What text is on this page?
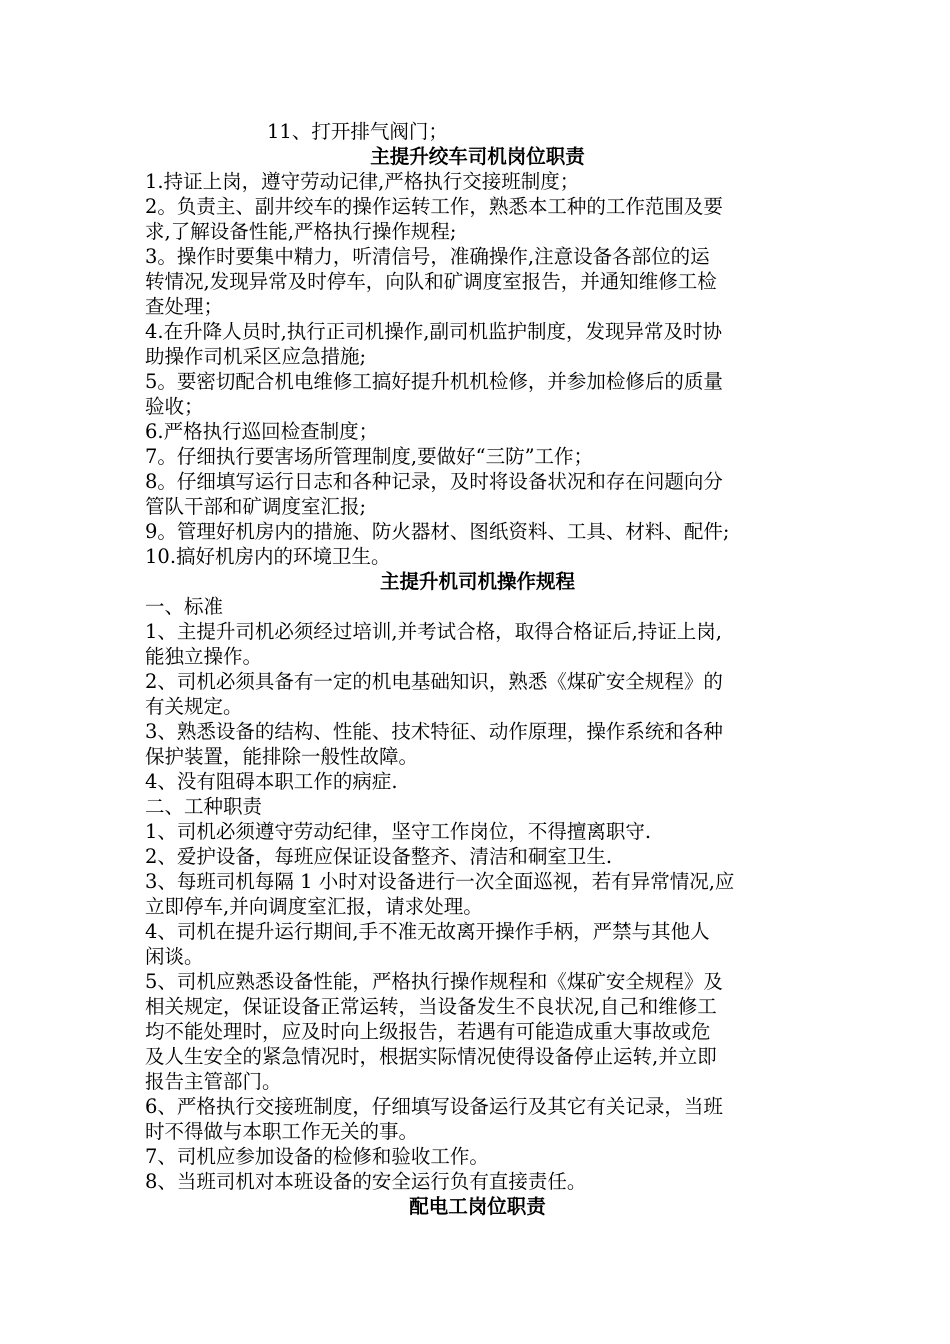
11、打开排气阀门；

主提升绞车司机岗位职责

1.持证上岗，遵守劳动记律,严格执行交接班制度；

2。负责主、副井绞车的操作运转工作，熟悉本工种的工作范围及要

求,了解设备性能,严格执行操作规程;

3。操作时要集中精力，听清信号，准确操作,注意设备各部位的运

转情况,发现异常及时停车，向队和矿调度室报告，并通知维修工检

查处理；

4.在升降人员时,执行正司机操作,副司机监护制度，发现异常及时协

助操作司机采区应急措施;

5。要密切配合机电维修工搞好提升机机检修，并参加检修后的质量

验收；

6.严格执行巡回检查制度；

7。仔细执行要害场所管理制度,要做好“三防”工作；

8。仔细填写运行日志和各种记录，及时将设备状况和存在问题向分

管队干部和矿调度室汇报;

9。管理好机房内的措施、防火器材、图纸资料、工具、材料、配件;

10.搞好机房内的环境卫生。

主提升机司机操作规程

一、标准

1、主提升司机必须经过培训,并考试合格，取得合格证后,持证上岗,

能独立操作。

2、司机必须具备有一定的机电基础知识，熟悉《煤矿安全规程》的

有关规定。

3、熟悉设备的结构、性能、技术特征、动作原理，操作系统和各种

保护装置，能排除一般性故障。

4、没有阻碍本职工作的病症.

二、工种职责

1、司机必须遵守劳动纪律，坚守工作岗位，不得擅离职守.

2、爱护设备，每班应保证设备整齐、清洁和硐室卫生.

3、每班司机每隔 1 小时对设备进行一次全面巡视，若有异常情况,应

立即停车,并向调度室汇报，请求处理。

4、司机在提升运行期间,手不准无故离开操作手柄，严禁与其他人

闲谈。

5、司机应熟悉设备性能，严格执行操作规程和《煤矿安全规程》及

相关规定，保证设备正常运转，当设备发生不良状况,自己和维修工

均不能处理时，应及时向上级报告，若遇有可能造成重大事故或危

及人生安全的紧急情况时，根据实际情况使得设备停止运转,并立即

报告主管部门。

6、严格执行交接班制度，仔细填写设备运行及其它有关记录，当班

时不得做与本职工作无关的事。

7、司机应参加设备的检修和验收工作。

8、当班司机对本班设备的安全运行负有直接责任。

配电工岗位职责
